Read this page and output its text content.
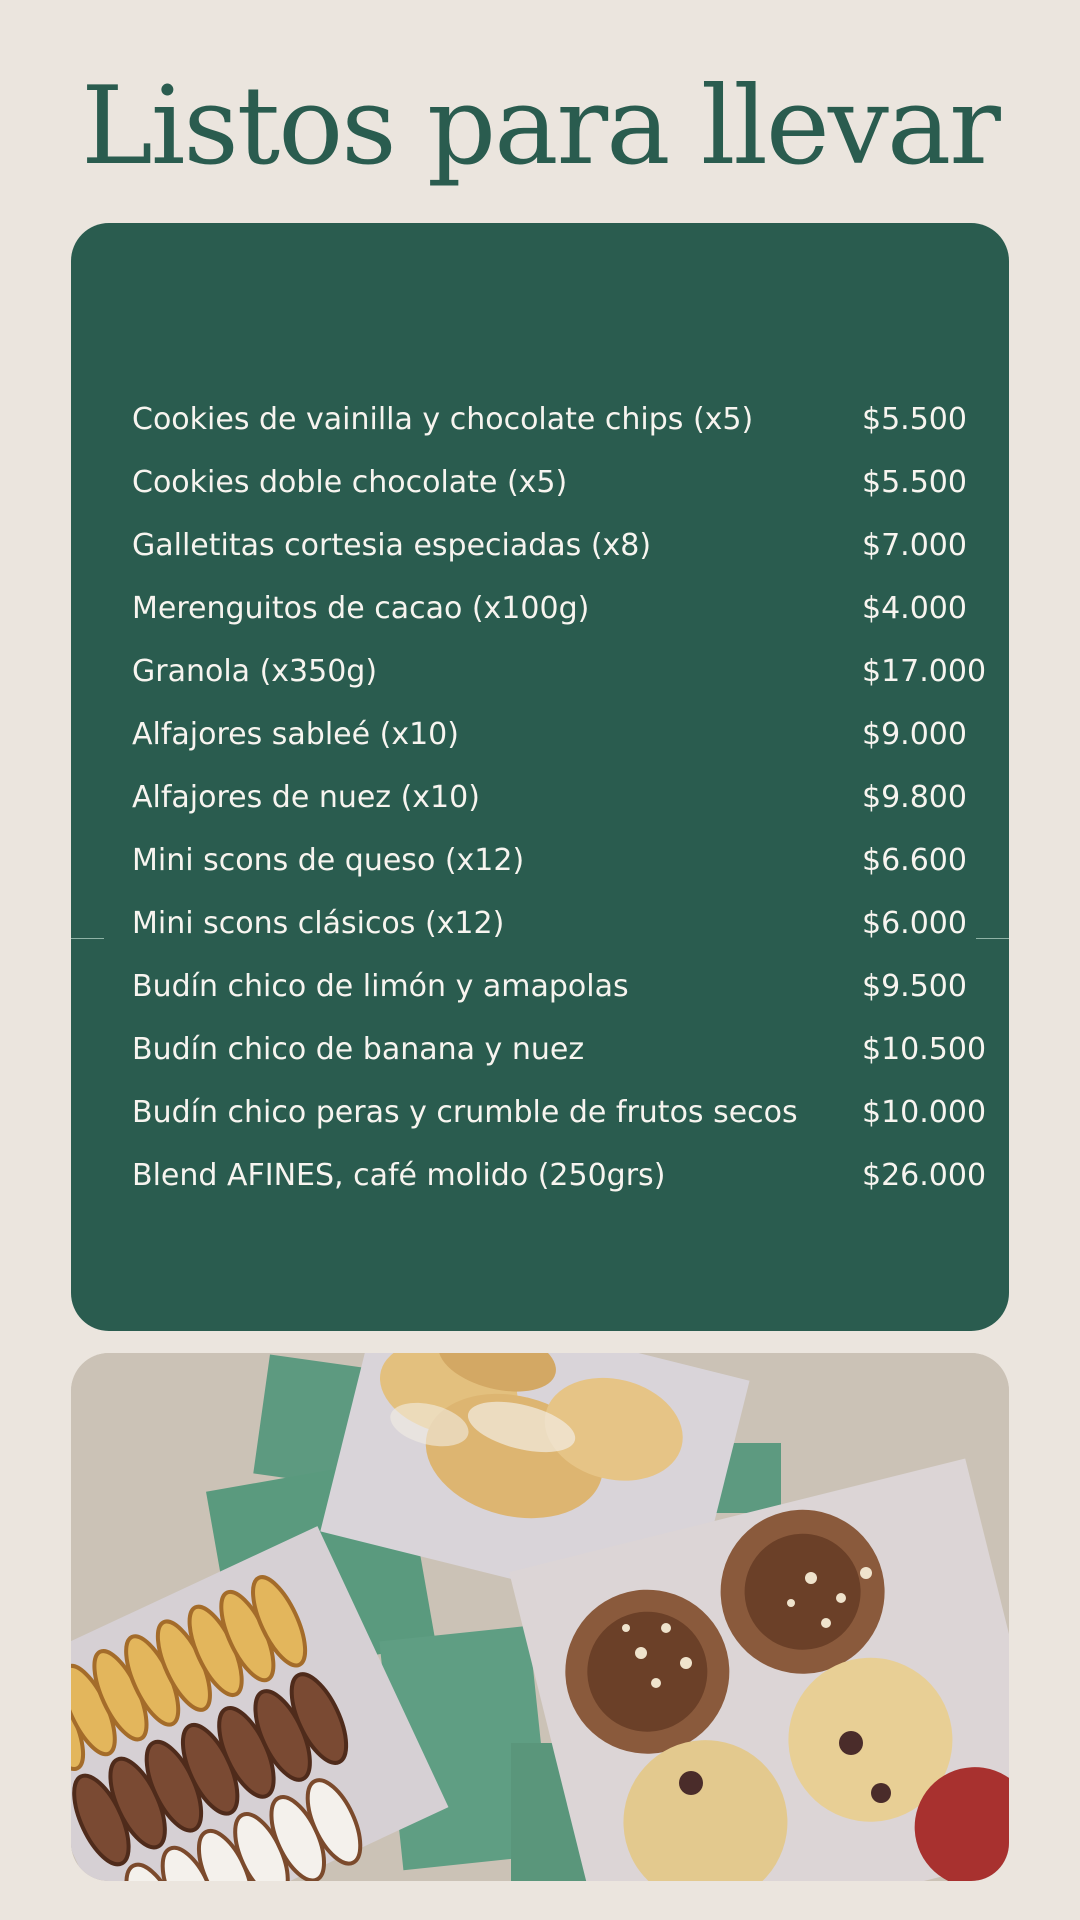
Listos para llevar
Cookies de vainilla y chocolate chips (x5)	$5.500
Cookies doble chocolate (x5)	$5.500
Galletitas cortesia especiadas (x8)	$7.000
Merenguitos de cacao (x100g)	$4.000
Granola (x350g)	$17.000
Alfajores sableé (x10)	$9.000
Alfajores de nuez (x10)	$9.800
Mini scons de queso (x12)	$6.600
Mini scons clásicos (x12)	$6.000
Budín chico de limón y amapolas	$9.500
Budín chico de banana y nuez	$10.500
Budín chico peras y crumble de frutos secos $10.000
Blend AFINES, café molido (250grs)	$26.000
